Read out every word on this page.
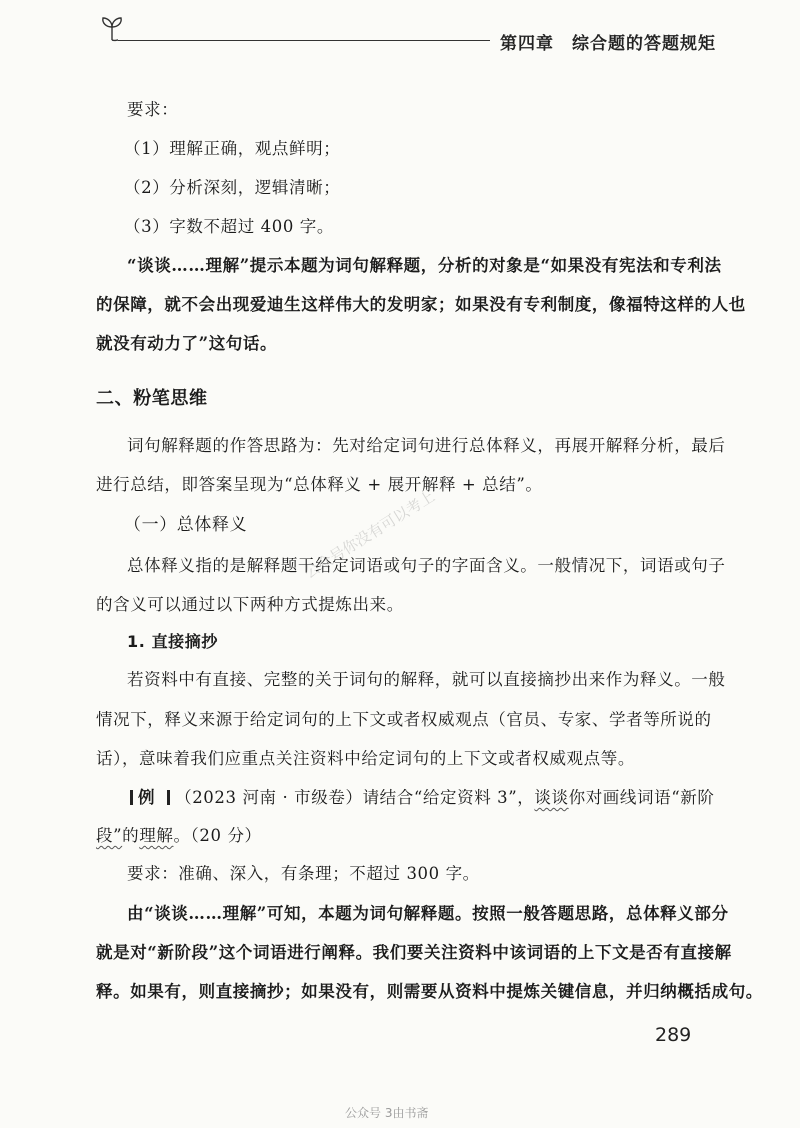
第四章 综合题的答题规矩
要求：
（1）理解正确，观点鲜明；
（2）分析深刻，逻辑清晰；
（3）字数不超过 400 字。
“谈谈……理解”提示本题为词句解释题，分析的对象是“如果没有宪法和专利法
的保障，就不会出现爱迪生这样伟大的发明家；如果没有专利制度，像福特这样的人也
就没有动力了”这句话。
二、粉笔思维
词句解释题的作答思路为：先对给定词句进行总体释义，再展开解释分析，最后
进行总结，即答案呈现为“总体释义 + 展开解释 + 总结”。
（一）总体释义
总体释义指的是解释题干给定词语或句子的字面含义。一般情况下，词语或句子
的含义可以通过以下两种方式提炼出来。
1. 直接摘抄
若资料中有直接、完整的关于词句的解释，就可以直接摘抄出来作为释义。一般
情况下，释义来源于给定词句的上下文或者权威观点（官员、专家、学者等所说的
话），意味着我们应重点关注资料中给定词句的上下文或者权威观点等。
例 （2023 河南 · 市级卷）请结合“给定资料 3”，谈谈你对画线词语“新阶
段”的理解。（20 分）
要求：准确、深入，有条理；不超过 300 字。
由“谈谈……理解”可知，本题为词句解释题。按照一般答题思路，总体释义部分
就是对“新阶段”这个词语进行阐释。我们要关注资料中该词语的上下文是否有直接解
释。如果有，则直接摘抄；如果没有，则需要从资料中提炼关键信息，并归纳概括成句。
289
公众号你没有可以考上
公众号 3由书斋
